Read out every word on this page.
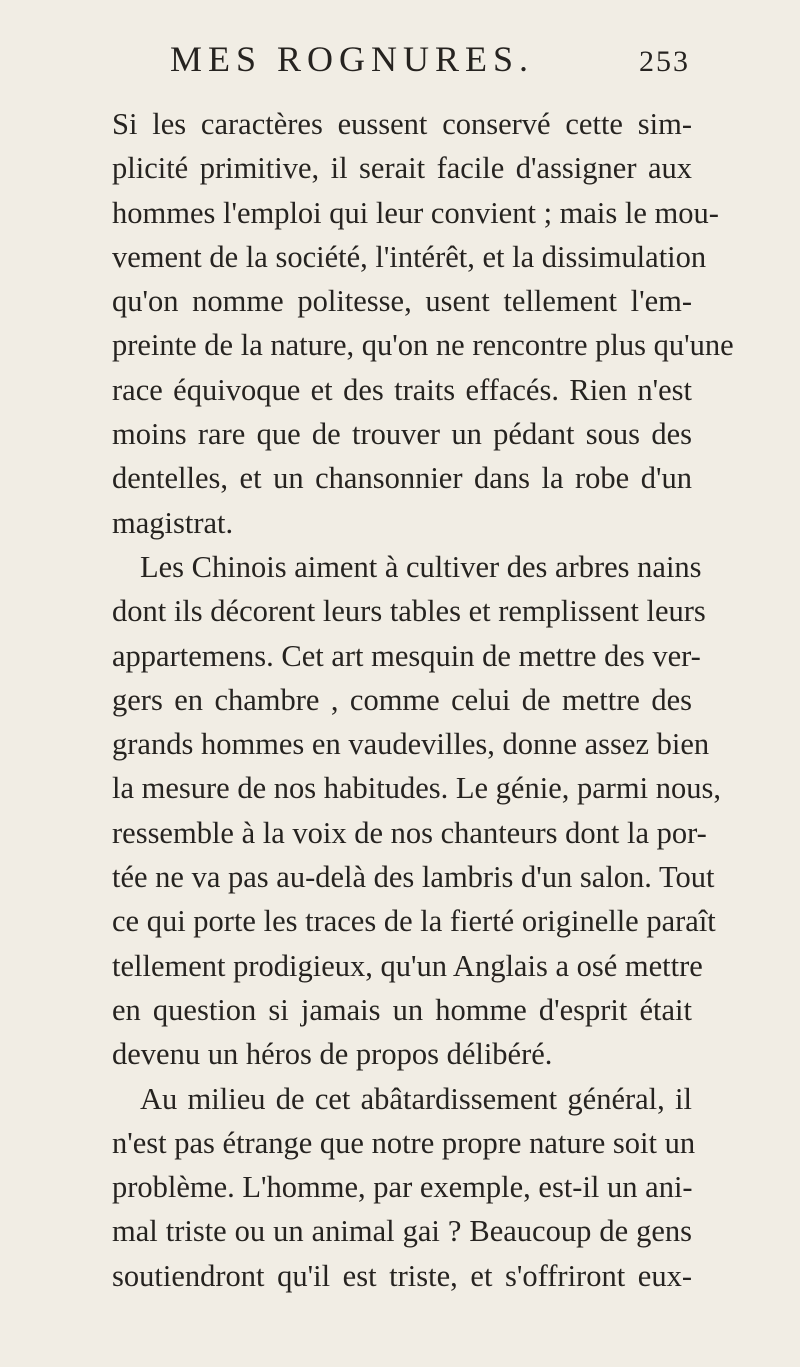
MES ROGNURES.	253
Si les caractères eussent conservé cette sim-
plicité primitive, il serait facile d'assigner aux
hommes l'emploi qui leur convient ; mais le mou-
vement de la société, l'intérêt, et la dissimulation
qu'on nomme politesse, usent tellement l'em-
preinte de la nature, qu'on ne rencontre plus qu'une
race équivoque et des traits effacés. Rien n'est
moins rare que de trouver un pédant sous des
dentelles, et un chansonnier dans la robe d'un
magistrat.
Les Chinois aiment à cultiver des arbres nains
dont ils décorent leurs tables et remplissent leurs
appartemens. Cet art mesquin de mettre des ver-
gers en chambre , comme celui de mettre des
grands hommes en vaudevilles, donne assez bien
la mesure de nos habitudes. Le génie, parmi nous,
ressemble à la voix de nos chanteurs dont la por-
tée ne va pas au-delà des lambris d'un salon. Tout
ce qui porte les traces de la fierté originelle paraît
tellement prodigieux, qu'un Anglais a osé mettre
en question si jamais un homme d'esprit était
devenu un héros de propos délibéré.
Au milieu de cet abâtardissement général, il
n'est pas étrange que notre propre nature soit un
problème. L'homme, par exemple, est-il un ani-
mal triste ou un animal gai ? Beaucoup de gens
soutiendront qu'il est triste, et s'offriront eux-
